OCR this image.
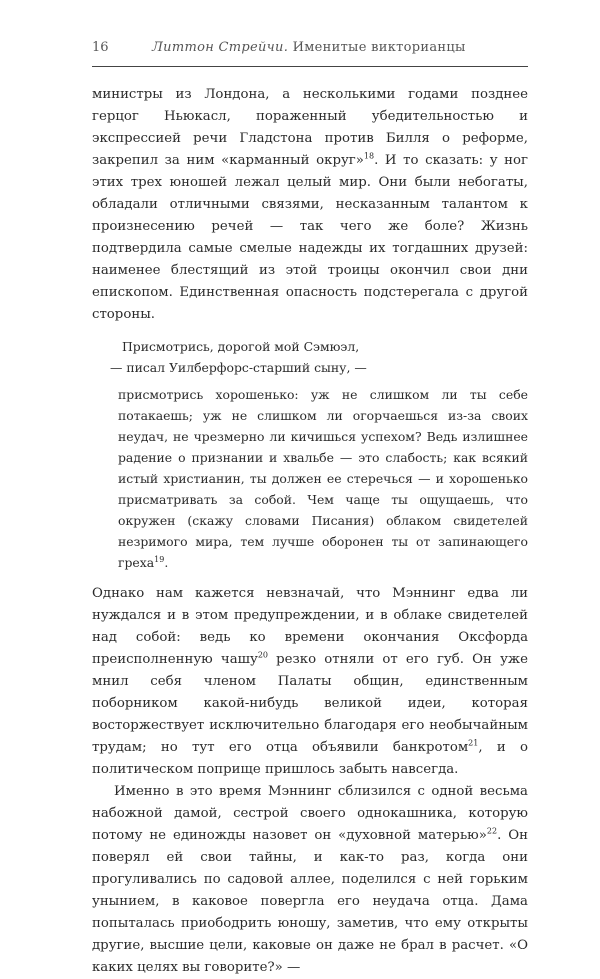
16	Литтон Стрейчи. Именитые викторианцы

министры из Лондона, а несколькими годами позднее герцог Ньюкасл, пораженный убедительностью и экспрессией речи Гладстона против Билля о реформе, закрепил за ним «карманный округ»$^{18}$. И то сказать: у ног этих трех юношей лежал целый мир. Они были небогаты, обладали отличными связями, несказанным талантом к произнесению речей — так чего же боле? Жизнь подтвердила самые смелые надежды их тогдашних друзей: наименее блестящий из этой троицы окончил свои дни епископом. Единственная опасность подстерегала с другой стороны.

Присмотрись, дорогой мой Сэмюэл,
— писал Уилберфорс-старший сыну, —

присмотрись хорошенько: уж не слишком ли ты себе потакаешь; уж не слишком ли огорчаешься из-за своих неудач, не чрезмерно ли кичишься успехом? Ведь излишнее радение о признании и хвальбе — это слабость; как всякий истый христианин, ты должен ее стеречься — и хорошенько присматривать за собой. Чем чаще ты ощущаешь, что окружен (скажу словами Писания) облаком свидетелей незримого мира, тем лучше оборонен ты от запинающего греха$^{19}$.

Однако нам кажется невзначай, что Мэннинг едва ли нуждался и в этом предупреждении, и в облаке свидетелей над собой: ведь ко времени окончания Оксфорда преисполненную чашу$^{20}$ резко отняли от его губ. Он уже мнил себя членом Палаты общин, единственным поборником какой-нибудь великой идеи, которая восторжествует исключительно благодаря его необычайным трудам; но тут его отца объявили банкротом$^{21}$, и о политическом поприще пришлось забыть навсегда.

Именно в это время Мэннинг сблизился с одной весьма набожной дамой, сестрой своего однокашника, которую потому не единожды назовет он «духовной матерью»$^{22}$. Он поверял ей свои тайны, и как-то раз, когда они прогуливались по садовой аллее, поделился с ней горьким унынием, в каковое повергла его неудача отца. Дама попыталась приободрить юношу, заметив, что ему открыты другие, высшие цели, каковые он даже не брал в расчет. «О каких целях вы говорите?» —
